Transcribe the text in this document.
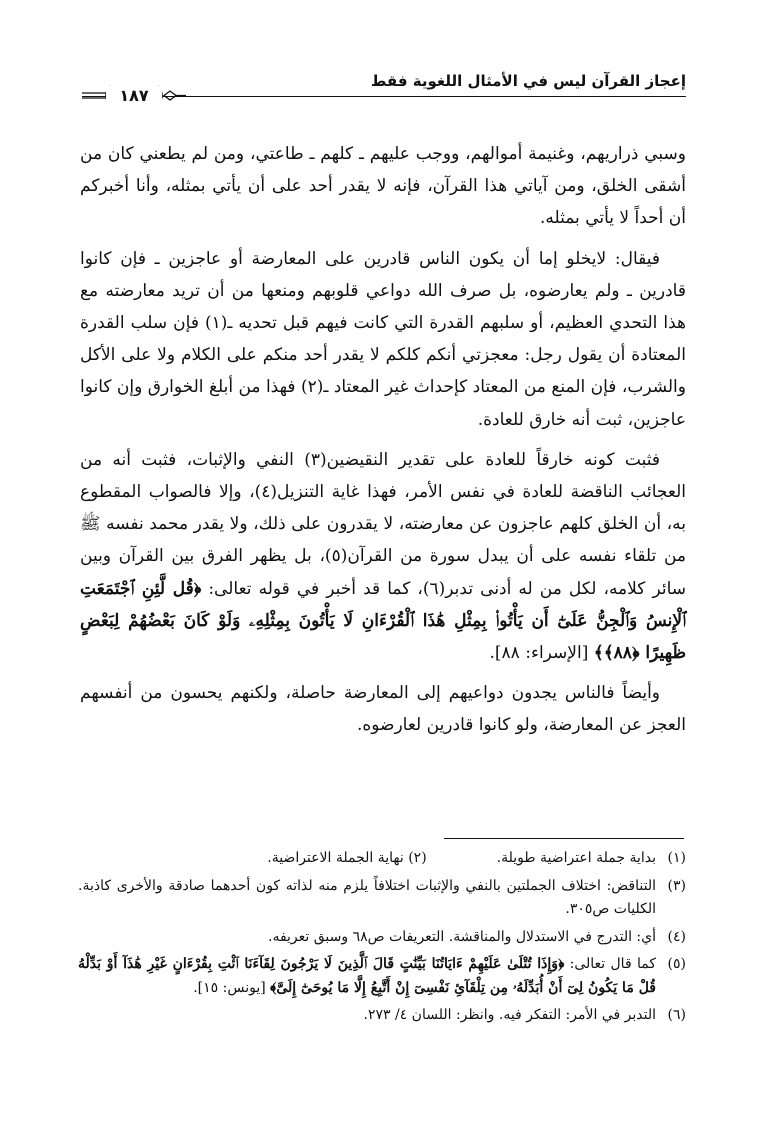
إعجاز القرآن ليس في الأمثال اللغوية فقط
١٨٧

وسبي ذراريهم، وغنيمة أموالهم، ووجب عليهم ـ كلهم ـ طاعتي، ومن لم يطعني كان من أشقى الخلق، ومن آياتي هذا القرآن، فإنه لا يقدر أحد على أن يأتي بمثله، وأنا أخبركم أن أحداً لا يأتي بمثله.

فيقال: لايخلو إما أن يكون الناس قادرين على المعارضة أو عاجزين ـ فإن كانوا قادرين ـ ولم يعارضوه، بل صرف الله دواعي قلوبهم ومنعها من أن تريد معارضته مع هذا التحدي العظيم، أو سلبهم القدرة التي كانت فيهم قبل تحديه ـ(١) فإن سلب القدرة المعتادة أن يقول رجل: معجزتي أنكم كلكم لا يقدر أحد منكم على الكلام ولا على الأكل والشرب، فإن المنع من المعتاد كإحداث غير المعتاد ـ(٢) فهذا من أبلغ الخوارق وإن كانوا عاجزين، ثبت أنه خارق للعادة.

فثبت كونه خارقاً للعادة على تقدير النقيضين(٣) النفي والإثبات، فثبت أنه من العجائب الناقضة للعادة في نفس الأمر، فهذا غاية التنزيل(٤)، وإلا فالصواب المقطوع به، أن الخلق كلهم عاجزون عن معارضته، لا يقدرون على ذلك، ولا يقدر محمد نفسه ﷺ من تلقاء نفسه على أن يبدل سورة من القرآن(٥)، بل يظهر الفرق بين القرآن وبين سائر كلامه، لكل من له أدنى تدبر(٦)، كما قد أخبر في قوله تعالى: ﴿قُل لَّئِنِ ٱجْتَمَعَتِ ٱلْإِنسُ وَٱلْجِنُّ عَلَىٰٓ أَن يَأْتُوا۟ بِمِثْلِ هَٰذَا ٱلْقُرْءَانِ لَا يَأْتُونَ بِمِثْلِهِۦ وَلَوْ كَانَ بَعْضُهُمْ لِبَعْضٍ ظَهِيرًا ﴿٨٨﴾﴾ [الإسراء: ٨٨].

وأيضاً فالناس يجدون دواعيهم إلى المعارضة حاصلة، ولكنهم يحسون من أنفسهم العجز عن المعارضة، ولو كانوا قادرين لعارضوه.

(١)
بداية جملة اعتراضية طويلة.(٢) نهاية الجملة الاعتراضية.
(٣)
التناقض: اختلاف الجملتين بالنفي والإثبات اختلافاً يلزم منه لذاته كون أحدهما صادقة والأخرى كاذبة. الكليات ص٣٠٥.
(٤)
أي: التدرج في الاستدلال والمناقشة. التعريفات ص٦٨ وسبق تعريفه.
(٥)
كما قال تعالى: ﴿وَإِذَا تُتْلَىٰ عَلَيْهِمْ ءَايَاتُنَا بَيِّنَٰتٍ قَالَ ٱلَّذِينَ لَا يَرْجُونَ لِقَآءَنَا ٱئْتِ بِقُرْءَانٍ غَيْرِ هَٰذَآ أَوْ بَدِّلْهُ قُلْ مَا يَكُونُ لِىٓ أَنْ أُبَدِّلَهُۥ مِن تِلْقَآئِ نَفْسِىٓ إِنْ أَتَّبِعُ إِلَّا مَا يُوحَىٰٓ إِلَىَّ﴾ [يونس: ١٥].
(٦)
التدبر في الأمر: التفكر فيه. وانظر: اللسان ٤/ ٢٧٣.
